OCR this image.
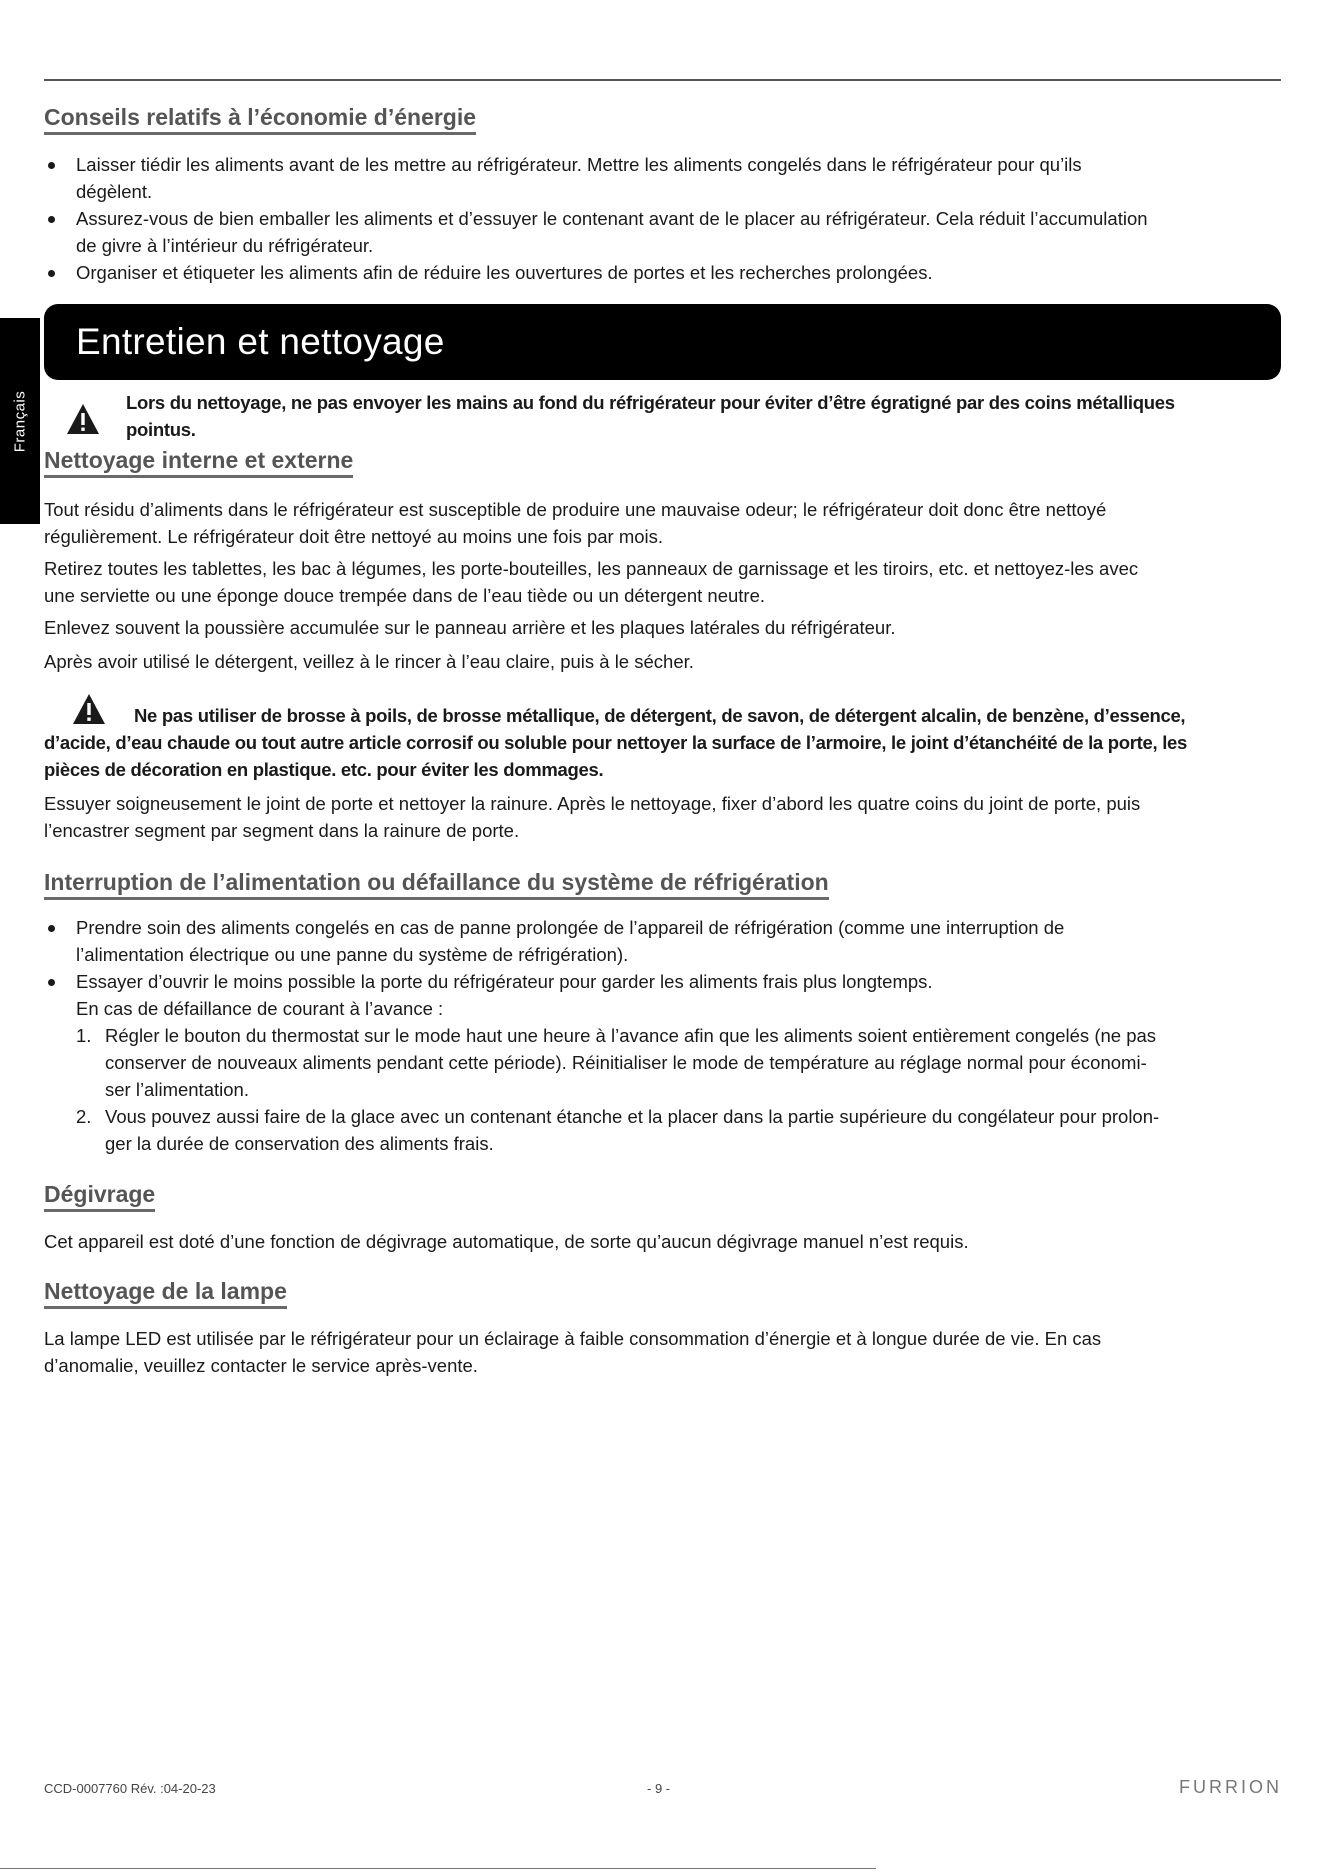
Français
Conseils relatifs à l’économie d’énergie
Laisser tiédir les aliments avant de les mettre au réfrigérateur. Mettre les aliments congelés dans le réfrigérateur pour qu’ils
dégèlent.
Assurez-vous de bien emballer les aliments et d’essuyer le contenant avant de le placer au réfrigérateur. Cela réduit l’accumulation
de givre à l’intérieur du réfrigérateur.
Organiser et étiqueter les aliments afin de réduire les ouvertures de portes et les recherches prolongées.
Entretien et nettoyage

Lors du nettoyage, ne pas envoyer les mains au fond du réfrigérateur pour éviter d’être égratigné par des coins métalliques
pointus.

Nettoyage interne et externe

Tout résidu d’aliments dans le réfrigérateur est susceptible de produire une mauvaise odeur; le réfrigérateur doit donc être nettoyé
régulièrement. Le réfrigérateur doit être nettoyé au moins une fois par mois.

Retirez toutes les tablettes, les bac à légumes, les porte-bouteilles, les panneaux de garnissage et les tiroirs, etc. et nettoyez-les avec
une serviette ou une éponge douce trempée dans de l’eau tiède ou un détergent neutre.

Enlevez souvent la poussière accumulée sur le panneau arrière et les plaques latérales du réfrigérateur.

Après avoir utilisé le détergent, veillez à le rincer à l’eau claire, puis à le sécher.

Ne pas utiliser de brosse à poils, de brosse métallique, de détergent, de savon, de détergent alcalin, de benzène, d’essence,
d’acide, d’eau chaude ou tout autre article corrosif ou soluble pour nettoyer la surface de l’armoire, le joint d’étanchéité de la porte, les
pièces de décoration en plastique. etc. pour éviter les dommages.

Essuyer soigneusement le joint de porte et nettoyer la rainure. Après le nettoyage, fixer d’abord les quatre coins du joint de porte, puis
l’encastrer segment par segment dans la rainure de porte.

Interruption de l’alimentation ou défaillance du système de réfrigération
Prendre soin des aliments congelés en cas de panne prolongée de l’appareil de réfrigération (comme une interruption de
l’alimentation électrique ou une panne du système de réfrigération).
Essayer d’ouvrir le moins possible la porte du réfrigérateur pour garder les aliments frais plus longtemps.
En cas de défaillance de courant à l’avance :
1. Régler le bouton du thermostat sur le mode haut une heure à l’avance afin que les aliments soient entièrement congelés (ne pas
conserver de nouveaux aliments pendant cette période). Réinitialiser le mode de température au réglage normal pour économi-
ser l’alimentation.
2. Vous pouvez aussi faire de la glace avec un contenant étanche et la placer dans la partie supérieure du congélateur pour prolon-
ger la durée de conservation des aliments frais.
Dégivrage

Cet appareil est doté d’une fonction de dégivrage automatique, de sorte qu’aucun dégivrage manuel n’est requis.

Nettoyage de la lampe

La lampe LED est utilisée par le réfrigérateur pour un éclairage à faible consommation d’énergie et à longue durée de vie. En cas
d’anomalie, veuillez contacter le service après-vente.

CCD-0007760 Rév. :04-20-23	- 9 -	FURRION
